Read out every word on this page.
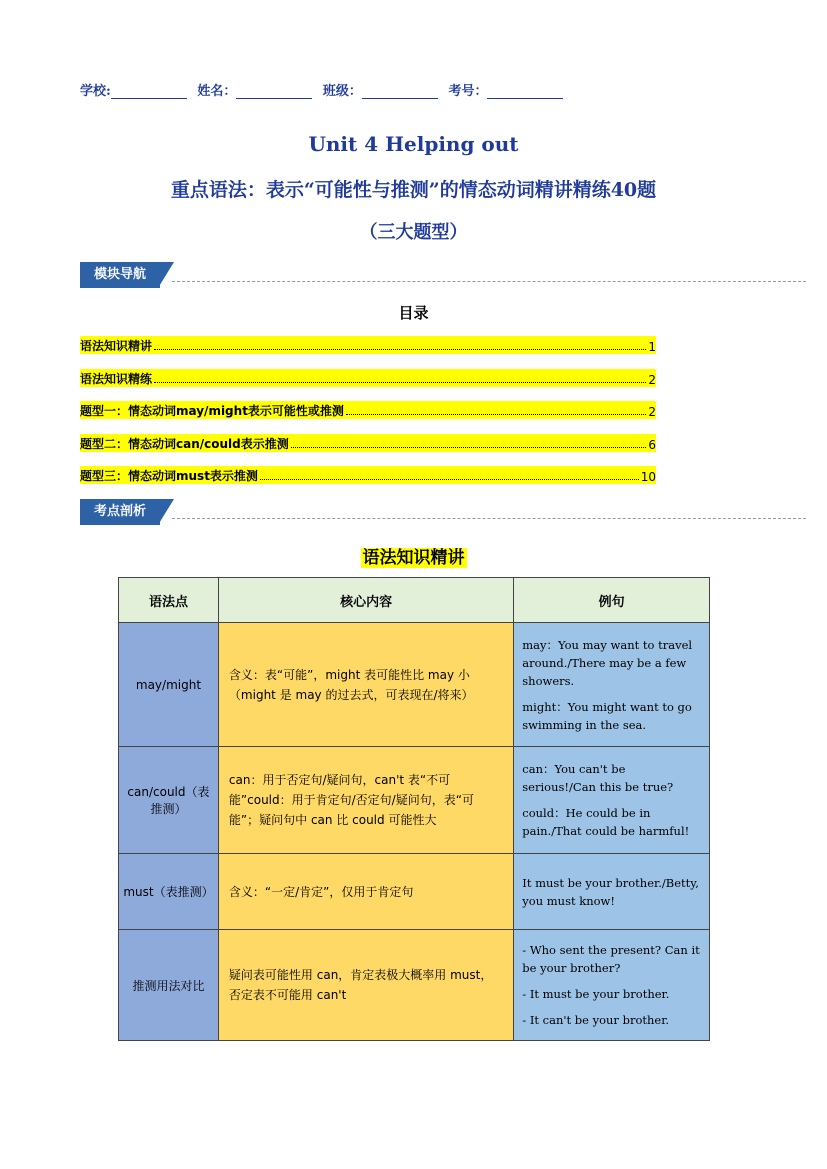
学校:	姓名：	班级：	考号：
Unit 4 Helping out
重点语法：表示“可能性与推测”的情态动词精讲精练40题
（三大题型）
模块导航
目录
语法知识精讲	1
语法知识精练	2
题型一：情态动词may/might表示可能性或推测	2
题型二：情态动词can/could表示推测	6
题型三：情态动词must表示推测	10
考点剖析
语法知识精讲
语法点	核心内容	例句
may/might	含义：表“可能”，might 表可能性比 may 小（might 是 may 的过去式，可表现在/将来）	may：You may want to travel around./There may be a few showers.

might：You might want to go swimming in the sea.

can/could（表推测）	can：用于否定句/疑问句，can't 表“不可能”could：用于肯定句/否定句/疑问句，表“可能”；疑问句中 can 比 could 可能性大	can：You can't be serious!/Can this be true?

could：He could be in pain./That could be harmful!

must（表推测）	含义：“一定/肯定”，仅用于肯定句	It must be your brother./Betty, you must know!

推测用法对比	疑问表可能性用 can，肯定表极大概率用 must，否定表不可能用 can't	- Who sent the present? Can it be your brother?

- It must be your brother.

- It can't be your brother.
